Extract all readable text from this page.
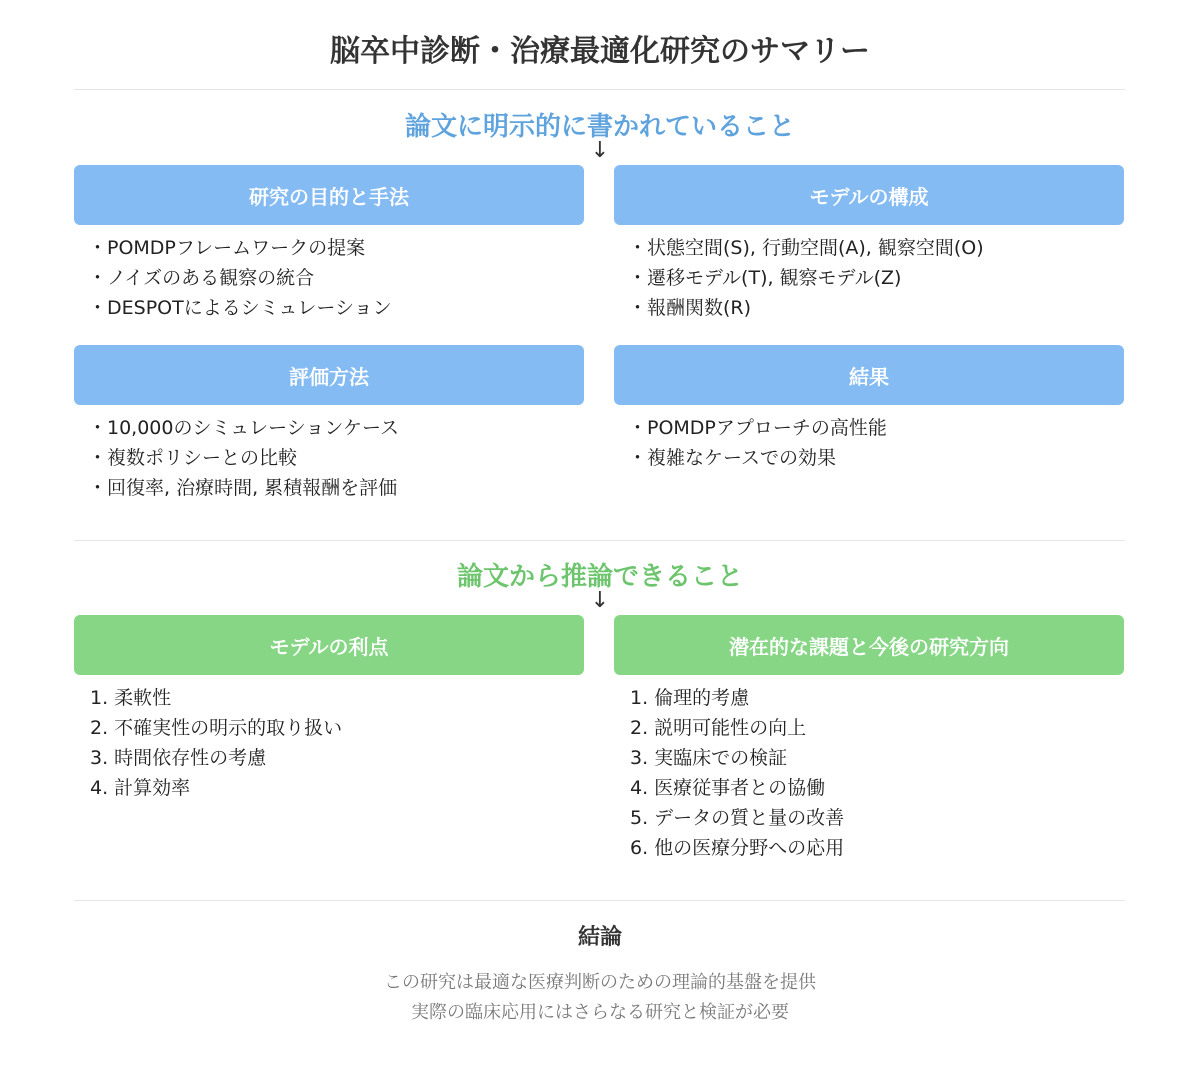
脳卒中診断・治療最適化研究のサマリー
論文に明示的に書かれていること
↓
研究の目的と手法	モデルの構成
・POMDPフレームワークの提案
・ノイズのある観察の統合
・DESPOTによるシミュレーション
・状態空間(S), 行動空間(A), 観察空間(O)
・遷移モデル(T), 観察モデル(Z)
・報酬関数(R)
評価方法	結果
・10,000のシミュレーションケース
・複数ポリシーとの比較
・回復率, 治療時間, 累積報酬を評価
・POMDPアプローチの高性能
・複雑なケースでの効果
論文から推論できること
↓
モデルの利点	潜在的な課題と今後の研究方向
1. 柔軟性
2. 不確実性の明示的取り扱い
3. 時間依存性の考慮
4. 計算効率
1. 倫理的考慮
2. 説明可能性の向上
3. 実臨床での検証
4. 医療従事者との協働
5. データの質と量の改善
6. 他の医療分野への応用
結論
この研究は最適な医療判断のための理論的基盤を提供
実際の臨床応用にはさらなる研究と検証が必要
